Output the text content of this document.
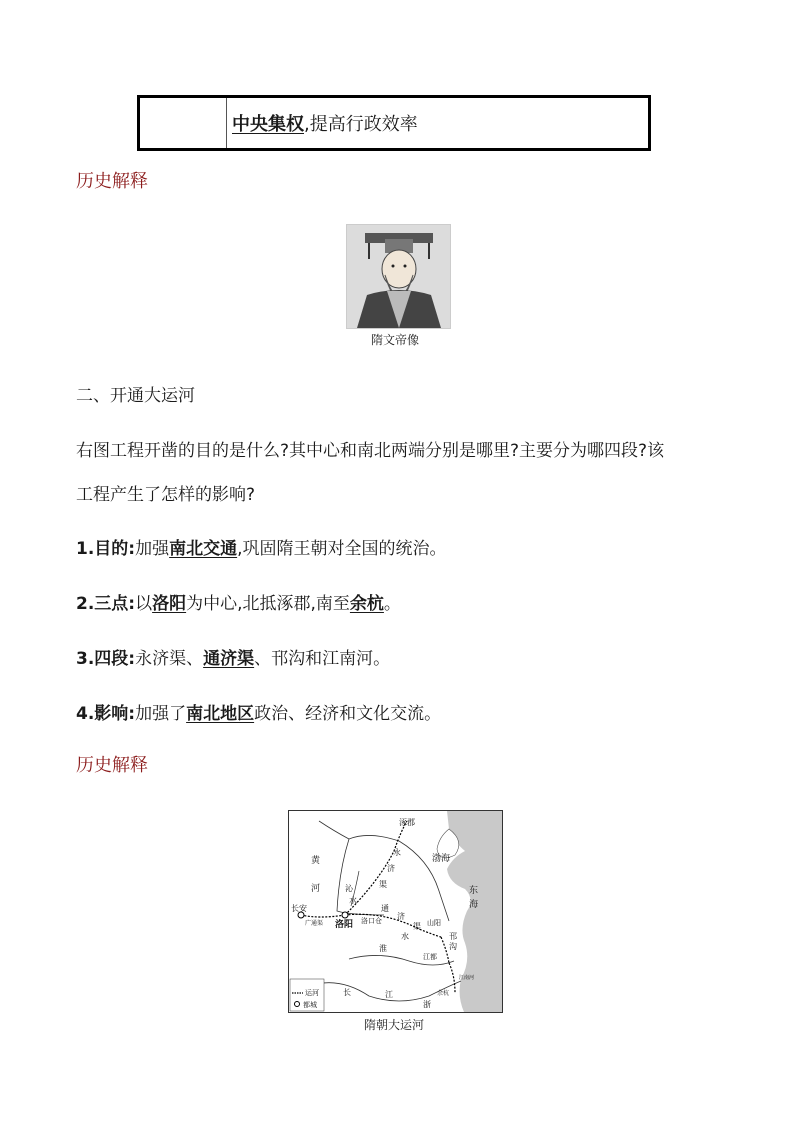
中央集权,提高行政效率
历史解释
隋文帝像
二、开通大运河
右图工程开凿的目的是什么?其中心和南北两端分别是哪里?主要分为哪四段?该
工程产生了怎样的影响?
1.目的:加强南北交通,巩固隋王朝对全国的统治。
2.三点:以洛阳为中心,北抵涿郡,南至余杭。
3.四段:永济渠、通济渠、邗沟和江南河。
4.影响:加强了南北地区政治、经济和文化交流。
历史解释
涿郡
渤海
东
海
黄
河
永
济
渠
沁
水
长安
广通渠 洛阳 洛口仓
通
济
渠 山阳
邗
沟
淮
水
江都
江南河
余杭
浙
长	江
运河
都城
隋朝大运河
